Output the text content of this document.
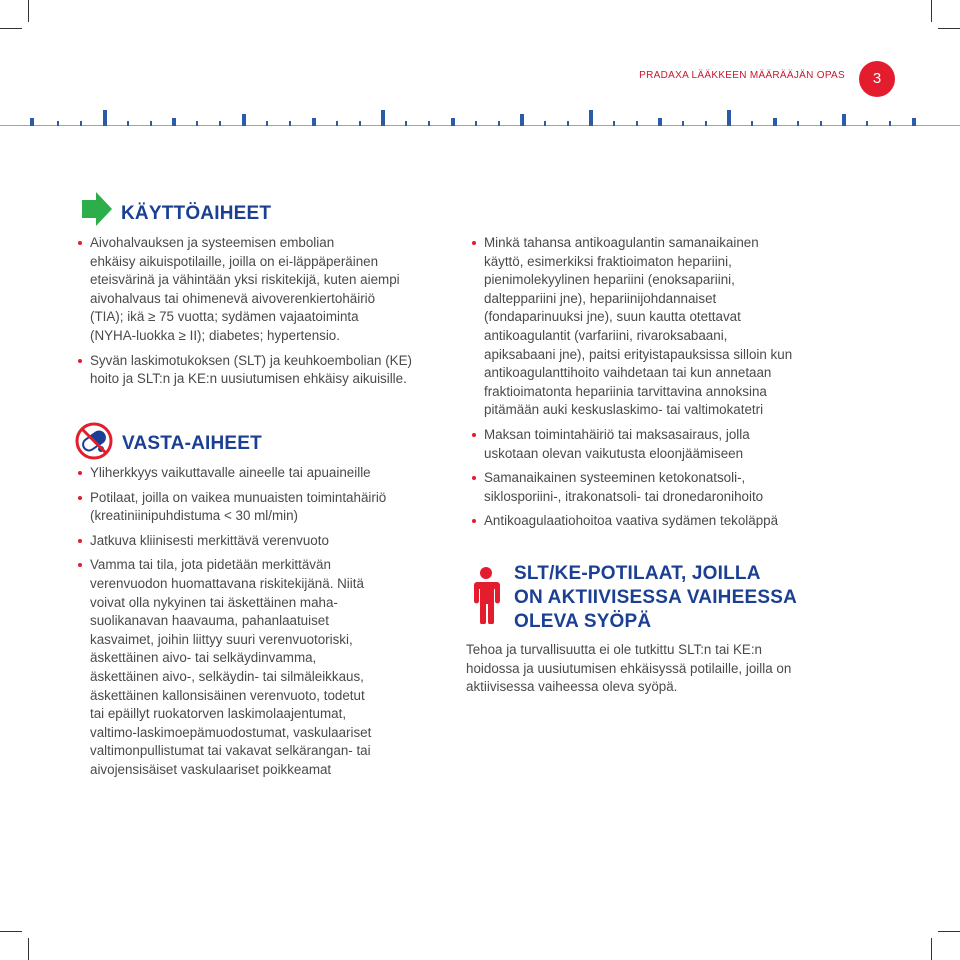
PRADAXA LÄÄKKEEN MÄÄRÄÄJÄN OPAS	3
KÄYTTÖAIHEET
Aivohalvauksen ja systeemisen embolian
ehkäisy aikuispotilaille, joilla on ei-läppäperäinen
eteisvärinä ja vähintään yksi riskitekijä, kuten aiempi
aivohalvaus tai ohimenevä aivoverenkiertohäiriö
(TIA); ikä ≥ 75 vuotta; sydämen vajaatoiminta
(NYHA-luokka ≥ II); diabetes; hypertensio.
Syvän laskimotukoksen (SLT) ja keuhkoembolian (KE)
hoito ja SLT:n ja KE:n uusiutumisen ehkäisy aikuisille.
VASTA-AIHEET
Yliherkkyys vaikuttavalle aineelle tai apuaineille
Potilaat, joilla on vaikea munuaisten toimintahäiriö
(kreatiniinipuhdistuma < 30 ml/min)
Jatkuva kliinisesti merkittävä verenvuoto
Vamma tai tila, jota pidetään merkittävän
verenvuodon huomattavana riskitekijänä. Niitä
voivat olla nykyinen tai äskettäinen maha-
suolikanavan haavauma, pahanlaatuiset
kasvaimet, joihin liittyy suuri verenvuotoriski,
äskettäinen aivo- tai selkäydinvamma,
äskettäinen aivo-, selkäydin- tai silmäleikkaus,
äskettäinen kallonsisäinen verenvuoto, todetut
tai epäillyt ruokatorven laskimolaajentumat,
valtimo-laskimoepämuodostumat, vaskulaariset
valtimonpullistumat tai vakavat selkärangan- tai
aivojensisäiset vaskulaariset poikkeamat
Minkä tahansa antikoagulantin samanaikainen
käyttö, esimerkiksi fraktioimaton hepariini,
pienimolekyylinen hepariini (enoksapariini,
dalteppariini jne), hepariinijohdannaiset
(fondaparinuuksi jne), suun kautta otettavat
antikoagulantit (varfariini, rivaroksabaani,
apiksabaani jne), paitsi erityistapauksissa silloin kun
antikoagulanttihoito vaihdetaan tai kun annetaan
fraktioimatonta hepariinia tarvittavina annoksina
pitämään auki keskuslaskimo- tai valtimokatetri
Maksan toimintahäiriö tai maksasairaus, jolla
uskotaan olevan vaikutusta eloonjäämiseen
Samanaikainen systeeminen ketokonatsoli-,
siklosporiini-, itrakonatsoli- tai dronedaronihoito
Antikoagulaatiohoitoa vaativa sydämen tekoläppä
SLT/KE-POTILAAT, JOILLA
ON AKTIIVISESSA VAIHEESSA
OLEVA SYÖPÄ
Tehoa ja turvallisuutta ei ole tutkittu SLT:n tai KE:n
hoidossa ja uusiutumisen ehkäisyssä potilaille, joilla on
aktiivisessa vaiheessa oleva syöpä.
